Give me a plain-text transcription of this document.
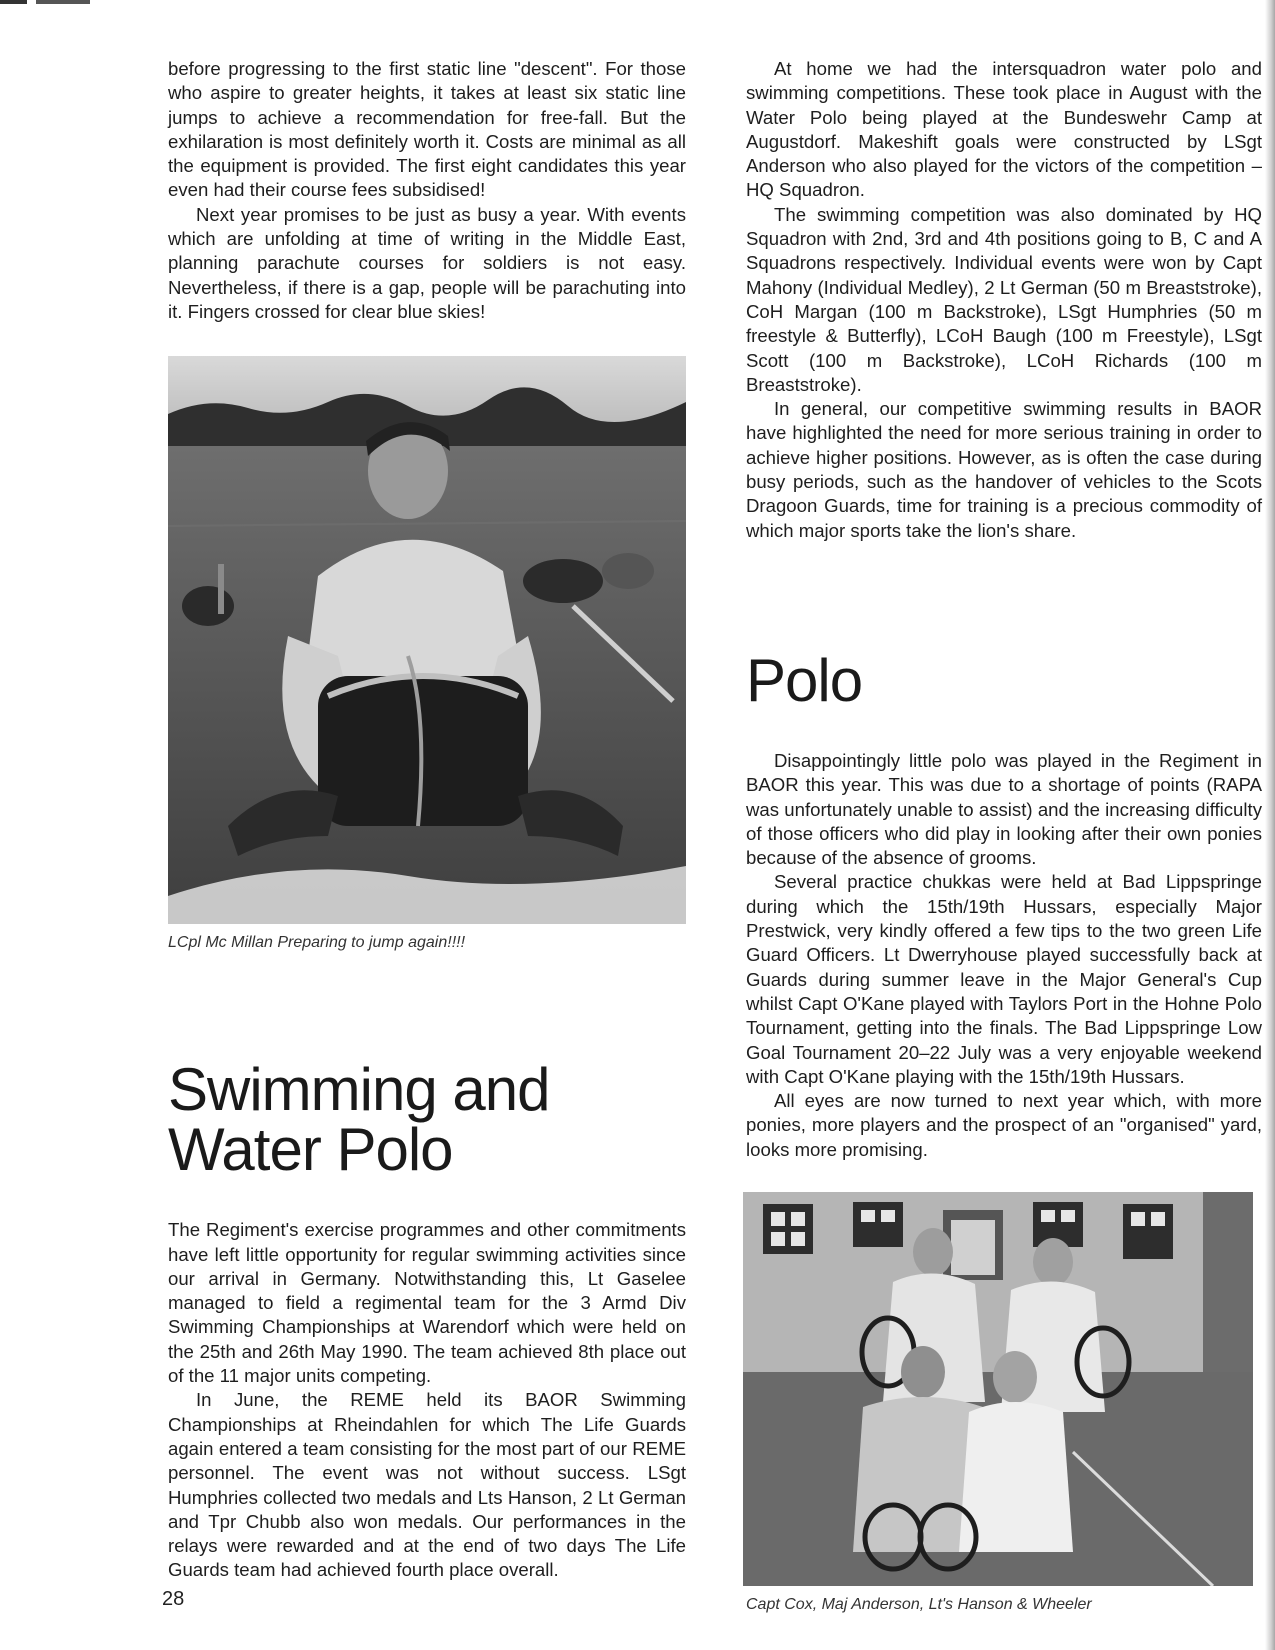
before progressing to the first static line "descent". For those who aspire to greater heights, it takes at least six static line jumps to achieve a recommendation for free-fall. But the exhilaration is most definitely worth it. Costs are minimal as all the equipment is provided. The first eight candidates this year even had their course fees subsidised!

Next year promises to be just as busy a year. With events which are unfolding at time of writing in the Middle East, planning parachute courses for soldiers is not easy. Nevertheless, if there is a gap, people will be parachuting into it. Fingers crossed for clear blue skies!

LCpl Mc Millan Preparing to jump again!!!!
Swimming and
Water Polo

The Regiment's exercise programmes and other commitments have left little opportunity for regular swimming activities since our arrival in Germany. Notwithstanding this, Lt Gaselee managed to field a regimental team for the 3 Armd Div Swimming Championships at Warendorf which were held on the 25th and 26th May 1990. The team achieved 8th place out of the 11 major units competing.

In June, the REME held its BAOR Swimming Championships at Rheindahlen for which The Life Guards again entered a team consisting for the most part of our REME personnel. The event was not without success. LSgt Humphries collected two medals and Lts Hanson, 2 Lt German and Tpr Chubb also won medals. Our performances in the relays were rewarded and at the end of two days The Life Guards team had achieved fourth place overall.

At home we had the intersquadron water polo and swimming competitions. These took place in August with the Water Polo being played at the Bundeswehr Camp at Augustdorf. Makeshift goals were constructed by LSgt Anderson who also played for the victors of the competition – HQ Squadron.

The swimming competition was also dominated by HQ Squadron with 2nd, 3rd and 4th positions going to B, C and A Squadrons respectively. Individual events were won by Capt Mahony (Individual Medley), 2 Lt German (50 m Breaststroke), CoH Margan (100 m Backstroke), LSgt Humphries (50 m freestyle & Butterfly), LCoH Baugh (100 m Freestyle), LSgt Scott (100 m Backstroke), LCoH Richards (100 m Breaststroke).

In general, our competitive swimming results in BAOR have highlighted the need for more serious training in order to achieve higher positions. However, as is often the case during busy periods, such as the handover of vehicles to the Scots Dragoon Guards, time for training is a precious commodity of which major sports take the lion's share.

Polo

Disappointingly little polo was played in the Regiment in BAOR this year. This was due to a shortage of points (RAPA was unfortunately unable to assist) and the increasing difficulty of those officers who did play in looking after their own ponies because of the absence of grooms.

Several practice chukkas were held at Bad Lippspringe during which the 15th/19th Hussars, especially Major Prestwick, very kindly offered a few tips to the two green Life Guard Officers. Lt Dwerryhouse played successfully back at Guards during summer leave in the Major General's Cup whilst Capt O'Kane played with Taylors Port in the Hohne Polo Tournament, getting into the finals. The Bad Lippspringe Low Goal Tournament 20–22 July was a very enjoyable weekend with Capt O'Kane playing with the 15th/19th Hussars.

All eyes are now turned to next year which, with more ponies, more players and the prospect of an "organised" yard, looks more promising.

Capt Cox, Maj Anderson, Lt's Hanson & Wheeler
28
